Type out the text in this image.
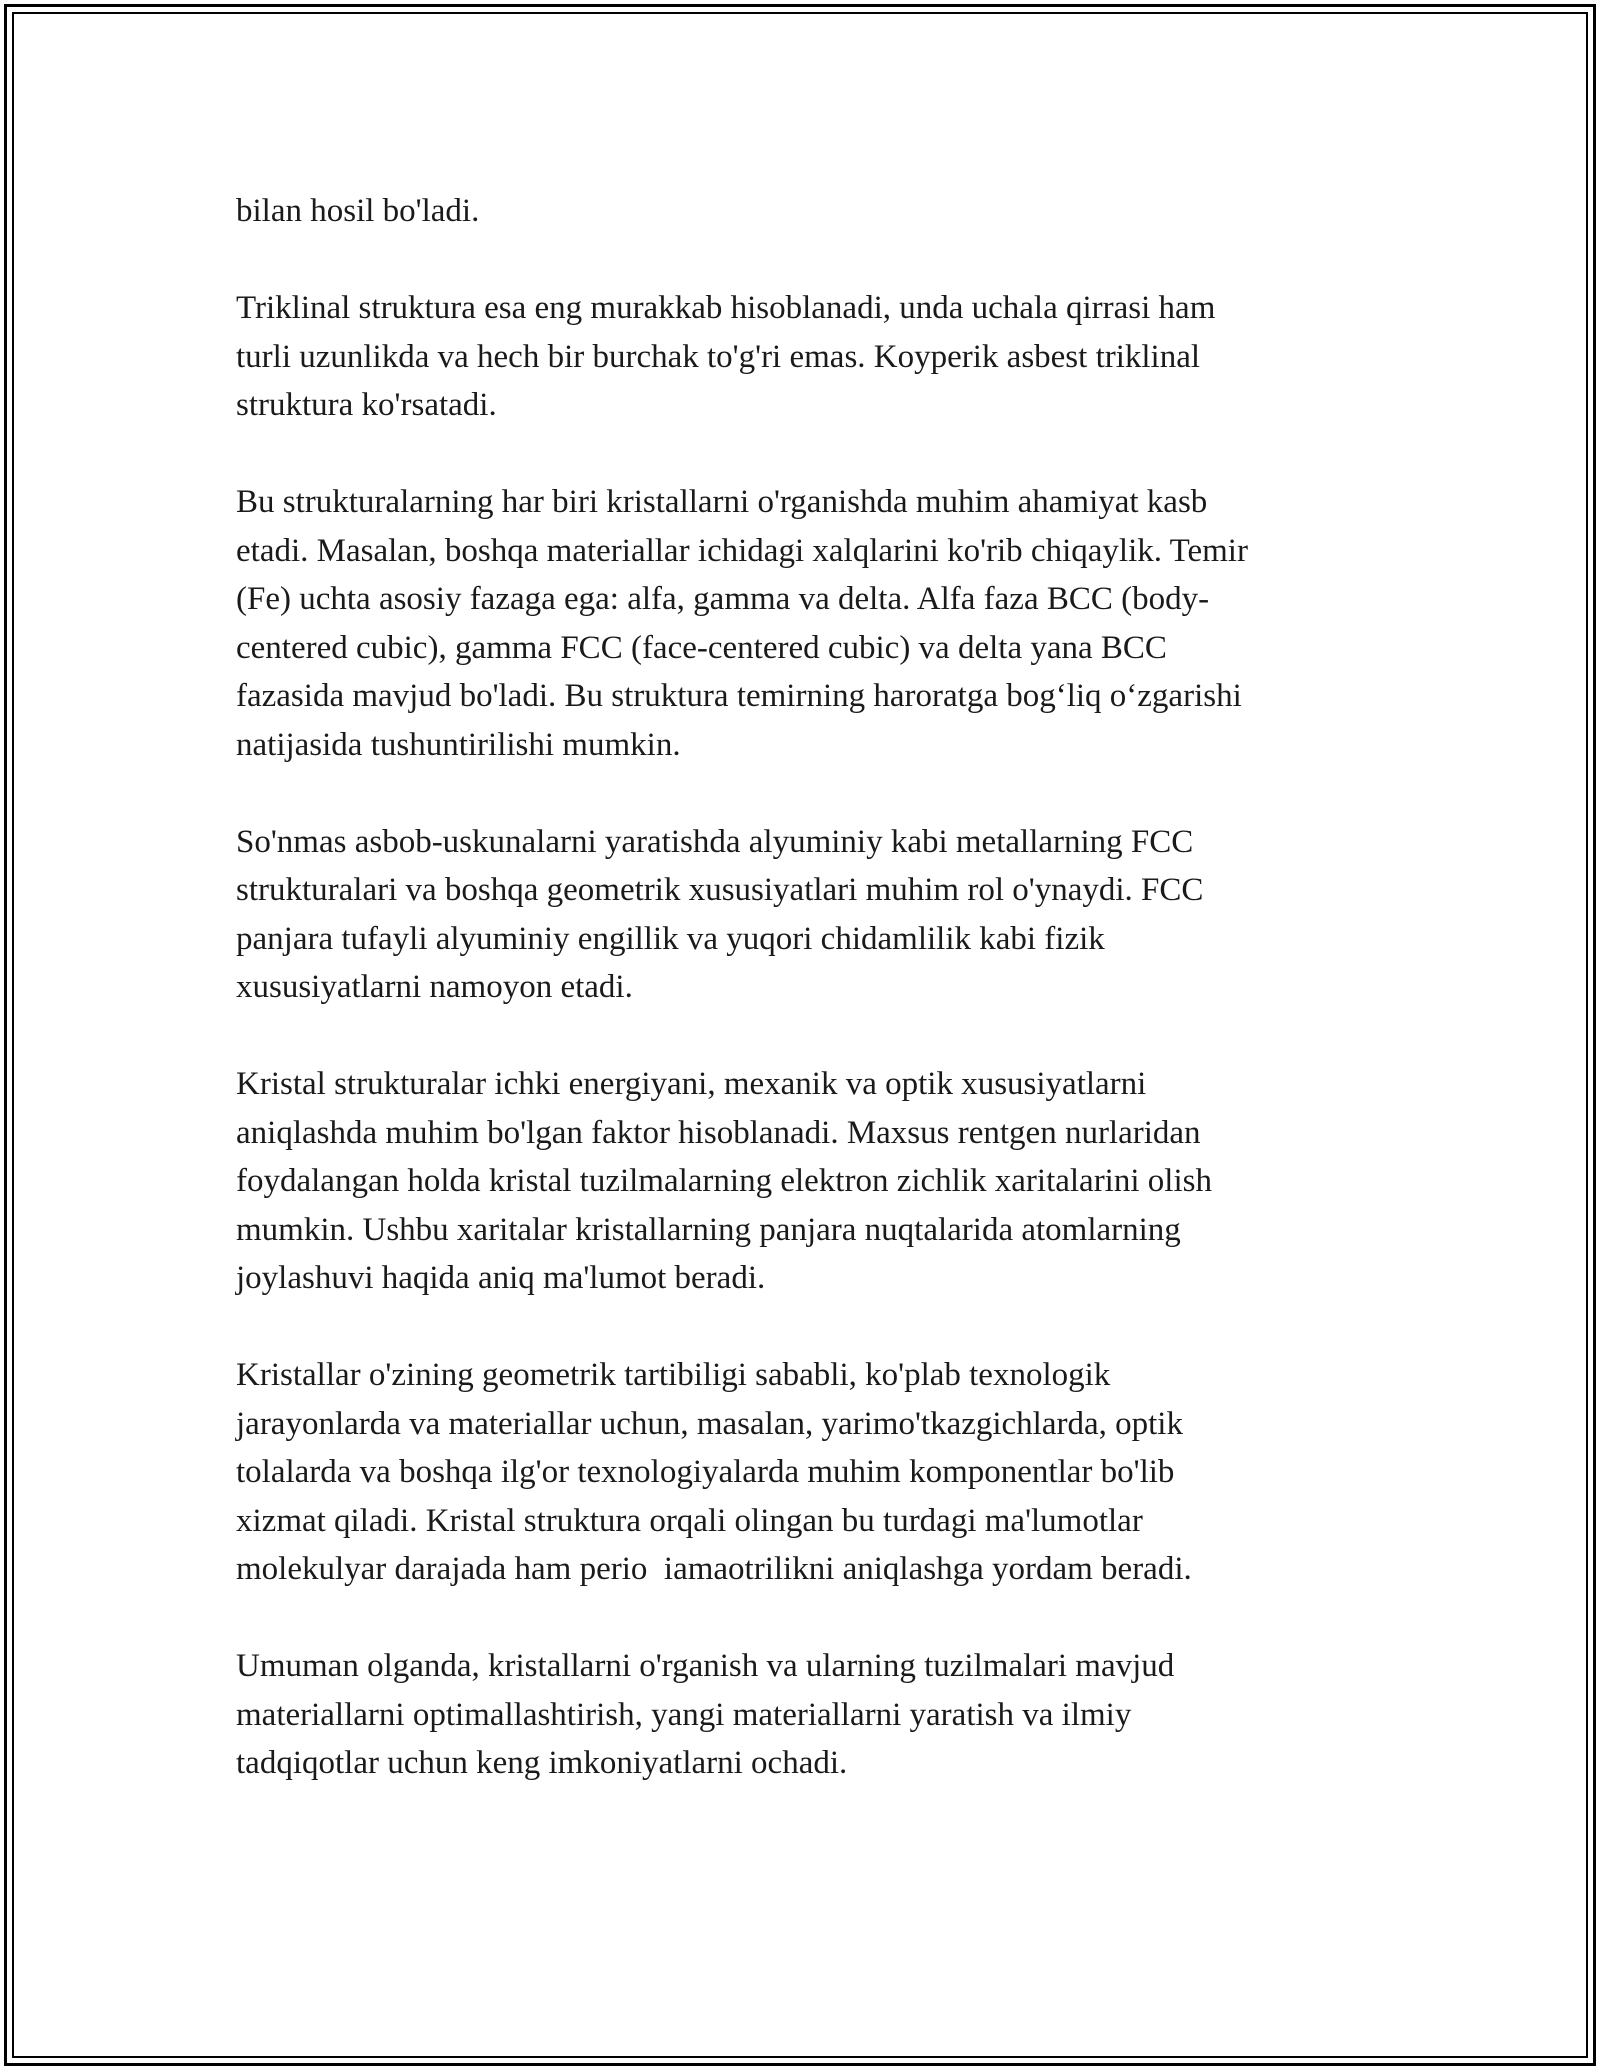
bilan hosil bo'ladi.

Triklinal struktura esa eng murakkab hisoblanadi, unda uchala qirrasi ham
turli uzunlikda va hech bir burchak to'g'ri emas. Koyperik asbest triklinal
struktura ko'rsatadi.

Bu strukturalarning har biri kristallarni o'rganishda muhim ahamiyat kasb
etadi. Masalan, boshqa materiallar ichidagi xalqlarini ko'rib chiqaylik. Temir
(Fe) uchta asosiy fazaga ega: alfa, gamma va delta. Alfa faza BCC (body-
centered cubic), gamma FCC (face-centered cubic) va delta yana BCC
fazasida mavjud bo'ladi. Bu struktura temirning haroratga bog‘liq o‘zgarishi
natijasida tushuntirilishi mumkin.

So'nmas asbob-uskunalarni yaratishda alyuminiy kabi metallarning FCC
strukturalari va boshqa geometrik xususiyatlari muhim rol o'ynaydi. FCC
panjara tufayli alyuminiy engillik va yuqori chidamlilik kabi fizik
xususiyatlarni namoyon etadi.

Kristal strukturalar ichki energiyani, mexanik va optik xususiyatlarni
aniqlashda muhim bo'lgan faktor hisoblanadi. Maxsus rentgen nurlaridan
foydalangan holda kristal tuzilmalarning elektron zichlik xaritalarini olish
mumkin. Ushbu xaritalar kristallarning panjara nuqtalarida atomlarning
joylashuvi haqida aniq ma'lumot beradi.

Kristallar o'zining geometrik tartibiligi sababli, ko'plab texnologik
jarayonlarda va materiallar uchun, masalan, yarimo'tkazgichlarda, optik
tolalarda va boshqa ilg'or texnologiyalarda muhim komponentlar bo'lib
xizmat qiladi. Kristal struktura orqali olingan bu turdagi ma'lumotlar
molekulyar darajada ham perio  iamaotrilikni aniqlashga yordam beradi.

Umuman olganda, kristallarni o'rganish va ularning tuzilmalari mavjud
materiallarni optimallashtirish, yangi materiallarni yaratish va ilmiy
tadqiqotlar uchun keng imkoniyatlarni ochadi.
